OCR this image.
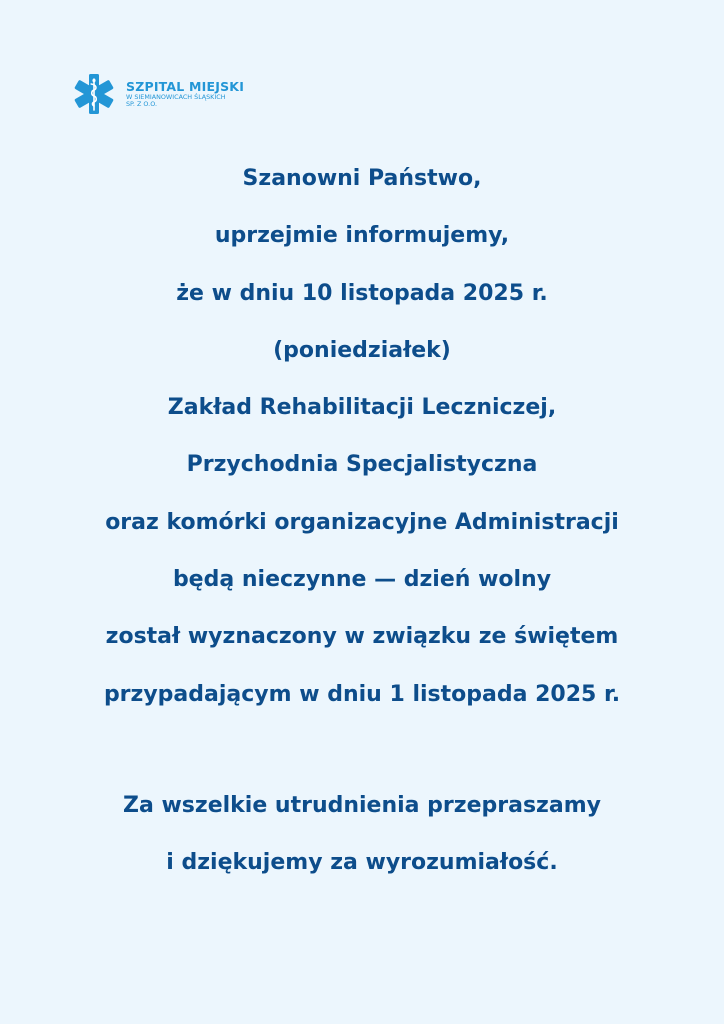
SZPITAL MIEJSKI
W SIEMIANOWICACH ŚLĄSKICH
SP. Z O.O.
Szanowni Państwo,
uprzejmie informujemy,
że w dniu 10 listopada 2025 r.
(poniedziałek)
Zakład Rehabilitacji Leczniczej,
Przychodnia Specjalistyczna
oraz komórki organizacyjne Administracji
będą nieczynne — dzień wolny
został wyznaczony w związku ze świętem
przypadającym w dniu 1 listopada 2025 r.
Za wszelkie utrudnienia przepraszamy
i dziękujemy za wyrozumiałość.
